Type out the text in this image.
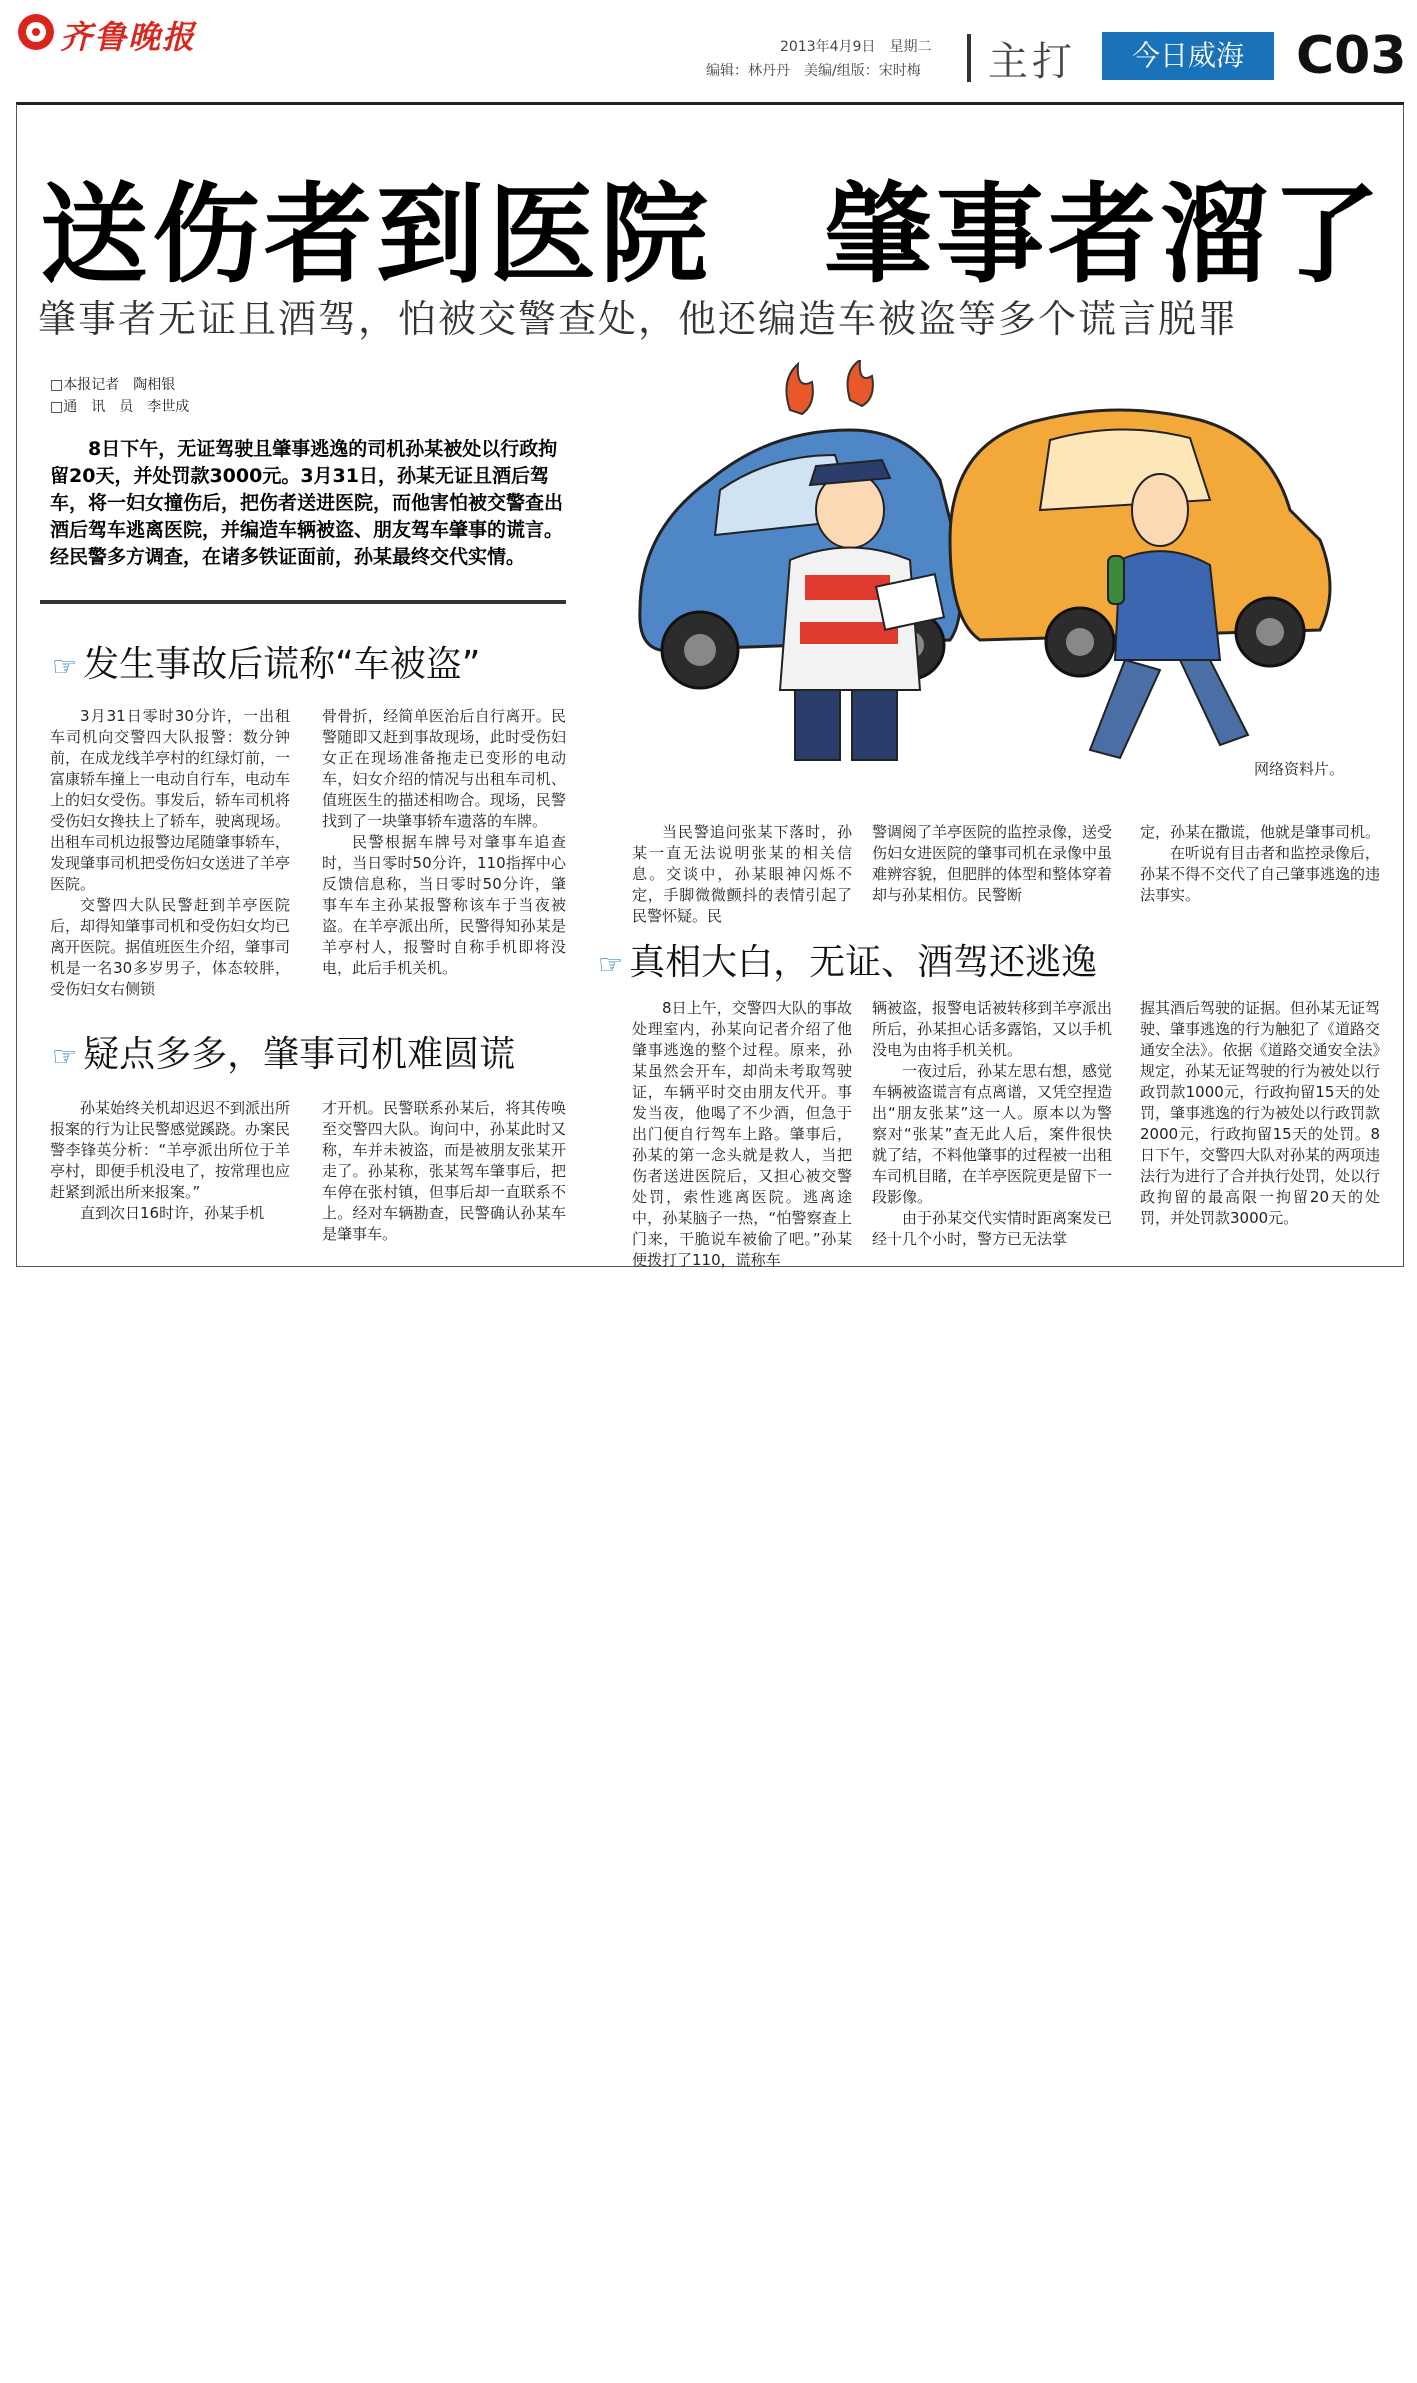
齐鲁晚报	2013年4月9日　星期二
编辑：林丹丹　美编/组版：宋时梅 主打	今日威海	C03
送伤者到医院　肇事者溜了
肇事者无证且酒驾，怕被交警查处，他还编造车被盗等多个谎言脱罪
□本报记者　陶相银
□通　讯　员　李世成
8日下午，无证驾驶且肇事逃逸的司机孙某被处以行政拘留20天，并处罚款3000元。3月31日，孙某无证且酒后驾车，将一妇女撞伤后，把伤者送进医院，而他害怕被交警查出酒后驾车逃离医院，并编造车辆被盗、朋友驾车肇事的谎言。经民警多方调查，在诸多铁证面前，孙某最终交代实情。
☞ 发生事故后谎称“车被盗”

3月31日零时30分许，一出租车司机向交警四大队报警：数分钟前，在成龙线羊亭村的红绿灯前，一富康轿车撞上一电动自行车，电动车上的妇女受伤。事发后，轿车司机将受伤妇女搀扶上了轿车，驶离现场。出租车司机边报警边尾随肇事轿车，发现肇事司机把受伤妇女送进了羊亭医院。

交警四大队民警赶到羊亭医院后，却得知肇事司机和受伤妇女均已离开医院。据值班医生介绍，肇事司机是一名30多岁男子，体态较胖，受伤妇女右侧锁

骨骨折，经简单医治后自行离开。民警随即又赶到事故现场，此时受伤妇女正在现场准备拖走已变形的电动车，妇女介绍的情况与出租车司机、值班医生的描述相吻合。现场，民警找到了一块肇事轿车遗落的车牌。

民警根据车牌号对肇事车追查时，当日零时50分许，110指挥中心反馈信息称，当日零时50分许，肇事车车主孙某报警称该车于当夜被盗。在羊亭派出所，民警得知孙某是羊亭村人，报警时自称手机即将没电，此后手机关机。

☞ 疑点多多，肇事司机难圆谎

孙某始终关机却迟迟不到派出所报案的行为让民警感觉蹊跷。办案民警李锋英分析：“羊亭派出所位于羊亭村，即便手机没电了，按常理也应赶紧到派出所来报案。”

直到次日16时许，孙某手机

才开机。民警联系孙某后，将其传唤至交警四大队。询问中，孙某此时又称，车并未被盗，而是被朋友张某开走了。孙某称，张某驾车肇事后，把车停在张村镇，但事后却一直联系不上。经对车辆勘查，民警确认孙某车是肇事车。

网络资料片。

当民警追问张某下落时，孙某一直无法说明张某的相关信息。交谈中，孙某眼神闪烁不定，手脚微微颤抖的表情引起了民警怀疑。民

警调阅了羊亭医院的监控录像，送受伤妇女进医院的肇事司机在录像中虽难辨容貌，但肥胖的体型和整体穿着却与孙某相仿。民警断

定，孙某在撒谎，他就是肇事司机。

在听说有目击者和监控录像后，孙某不得不交代了自己肇事逃逸的违法事实。

☞ 真相大白，无证、酒驾还逃逸

8日上午，交警四大队的事故处理室内，孙某向记者介绍了他肇事逃逸的整个过程。原来，孙某虽然会开车，却尚未考取驾驶证，车辆平时交由朋友代开。事发当夜，他喝了不少酒，但急于出门便自行驾车上路。肇事后，孙某的第一念头就是救人，当把伤者送进医院后，又担心被交警处罚，索性逃离医院。逃离途中，孙某脑子一热，“怕警察查上门来，干脆说车被偷了吧。”孙某便拨打了110，谎称车

辆被盗，报警电话被转移到羊亭派出所后，孙某担心话多露馅，又以手机没电为由将手机关机。

一夜过后，孙某左思右想，感觉车辆被盗谎言有点离谱，又凭空捏造出“朋友张某”这一人。原本以为警察对“张某”查无此人后，案件很快就了结，不料他肇事的过程被一出租车司机目睹，在羊亭医院更是留下一段影像。

由于孙某交代实情时距离案发已经十几个小时，警方已无法掌

握其酒后驾驶的证据。但孙某无证驾驶、肇事逃逸的行为触犯了《道路交通安全法》。依据《道路交通安全法》规定，孙某无证驾驶的行为被处以行政罚款1000元，行政拘留15天的处罚，肇事逃逸的行为被处以行政罚款2000元，行政拘留15天的处罚。8日下午，交警四大队对孙某的两项违法行为进行了合并执行处罚，处以行政拘留的最高限一拘留20天的处罚，并处罚款3000元。
